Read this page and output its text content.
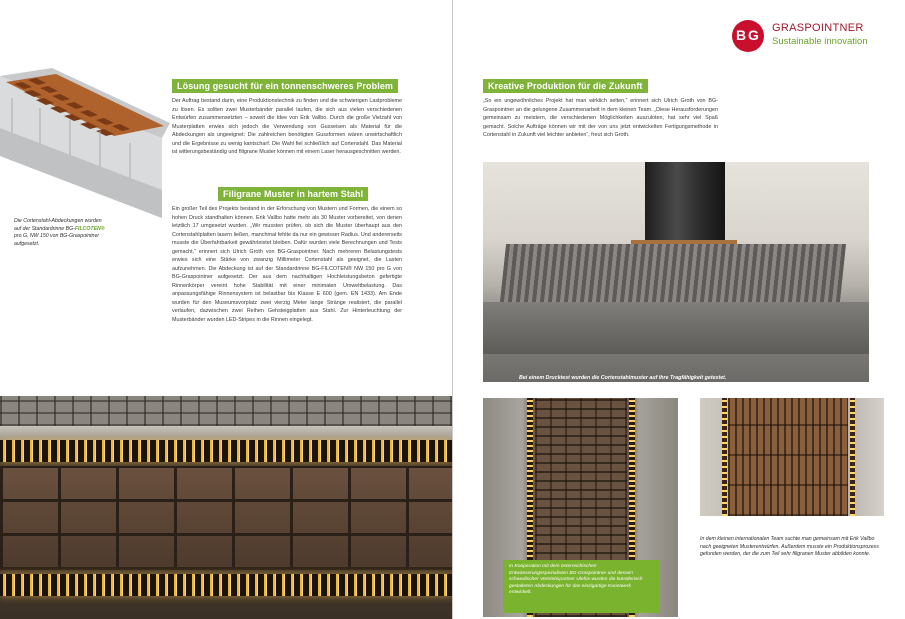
Die Cortenstahl-Abdeckungen wurden auf der Standardrinne BG-FILCOTEN® pro G, NW 150 von BG-Graspointner aufgesetzt.
Lösung gesucht für ein tonnenschweres Problem

Der Auftrag bestand darin, eine Produktionstechnik zu finden und die schwierigen Lastprobleme zu lösen. Es sollten zwei Musterbänder parallel laufen, die sich aus vielen verschiedenen Entwürfen zusammensetzten – soweit die Idee von Erik Vallbo. Durch die große Vielzahl von Musterplatten erwies sich jedoch die Verwendung von Gusseisen als Material für die Abdeckungen als ungeeignet: Die zahlreichen benötigten Gussformen wären unwirtschaftlich und die Ergebnisse zu wenig kantscharf. Die Wahl fiel schließlich auf Cortenstahl. Das Material ist witterungsbeständig und filigrane Muster können mit einem Laser herausgeschnitten werden.

Filigrane Muster in hartem Stahl

Ein großer Teil des Projekts bestand in der Erforschung von Mustern und Formen, die einem so hohen Druck standhalten können. Erik Vallbo hatte mehr als 30 Muster vorbereitet, von denen letztlich 17 umgesetzt wurden. „Wir mussten prüfen, ob sich die Muster überhaupt aus den Cortenstahlplatten lasern ließen, manchmal fehlte da nur ein gewisser Radius. Und andererseits musste die Überfahrbarkeit gewährleistet bleiben. Dafür wurden viele Berechnungen und Tests gemacht,“ erinnert sich Ulrich Groth von BG-Graspointner. Nach mehreren Belastungstests erwies sich eine Stärke von zwanzig Millimeter Cortenstahl als geeignet, die Lasten aufzunehmen. Die Abdeckung ist auf der Standardrinne BG-FILCOTEN® NW 150 pro G von BG-Graspointner aufgesetzt. Der aus dem nachhaltigen Hochleistungsbeton gefertigte Rinnenkörper vereint hohe Stabilität mit einer minimalen Umweltbelastung. Das anpassungsfähige Rinnensystem ist belastbar bis Klasse E 600 (gem. EN 1433). Am Ende wurden für den Museumsvorplatz zwei vierzig Meter lange Stränge realisiert, die parallel verlaufen, dazwischen zwei Reihen Gehsteigplatten aus Stahl. Zur Hinterleuchtung der Musterbänder wurden LED-Stripes in die Rinnen eingelegt.

B G GRASPOINTNER
Sustainable innovation
Kreative Produktion für die Zukunft

„So ein ungewöhnliches Projekt hat man wirklich selten,“ erinnert sich Ulrich Groth von BG-Graspointner an die gelungene Zusammenarbeit in dem kleinen Team. „Diese Herausforderungen gemeinsam zu meistern, die verschiedenen Möglichkeiten auszuloten, hat sehr viel Spaß gemacht. Solche Aufträge können wir mit der von uns jetzt entwickelten Fertigungsmethode in Cortenstahl in Zukunft viel leichter anbieten“, freut sich Groth.

Bei einem Drucktest wurden die Cortenstahlmuster auf ihre Tragfähigkeit getestet.
In Kooperation mit dem österreichischen Entwässerungsspezialisten BG-Graspointner und dessen schwedischer Vertriebspartner Ulefos wurden die künstlerisch gestalteten Abdeckungen für das einzigartige Kunstwerk entwickelt.
In dem kleinen internationalen Team suchte man gemeinsam mit Erik Vallbo nach geeigneten Musterentwürfen. Außerdem musste ein Produktionsprozess gefunden werden, der die zum Teil sehr filigranen Muster abbilden konnte.
